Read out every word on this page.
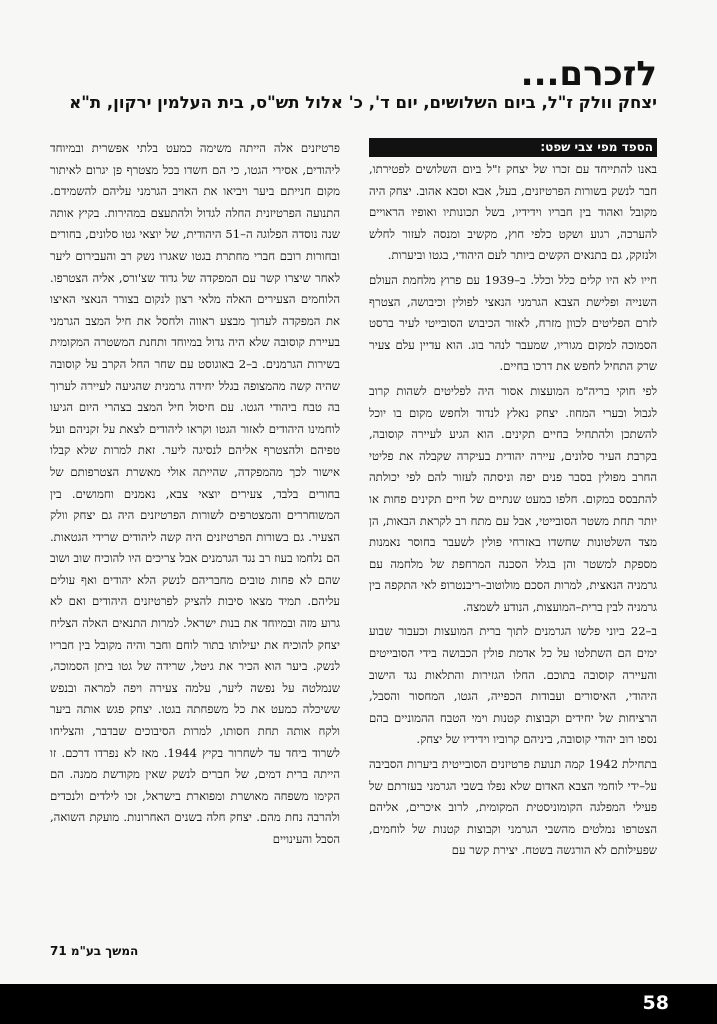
לזכרם...
יצחק וולק ז"ל, ביום השלושים, יום ד', כ' אלול תש"ס, בית העלמין ירקון, ת"א
הספד מפי צבי שפט:

באנו להתייחד עם זכרו של יצחק ז"ל ביום השלושים לפטירתו, חבר לנשק בשורות הפרטיזנים, בעל, אבא וסבא אהוב. יצחק היה מקובל ואהוד בין חבריו וידידיו, בשל תכונותיו ואופיו הראויים להערכה, רגוע ושקט כלפי חוץ, מקשיב ומנסה לעזור לחלש ולנזקק, גם בתנאים הקשים ביותר לעם היהודי, בגטו וביערות.

חייו לא היו קלים כלל וכלל. ב–1939 עם פרוץ מלחמת העולם השנייה ופלישת הצבא הגרמני הנאצי לפולין וכיבושה, הצטרף לזרם הפליטים לכוון מזרח, לאזור הכיבוש הסובייטי לעיר ברסט הסמוכה למקום מגוריו, שמעבר לנהר בוג. הוא עדיין עלם צעיר שרק התחיל לחפש את דרכו בחיים.

לפי חוקי בריה"מ המועצות אסור היה לפליטים לשהות קרוב לגבול ובערי המחוז. יצחק נאלץ לנדוד ולחפש מקום בו יוכל להשתכן ולהתחיל בחיים תקינים. הוא הגיע לעיירה קוסובה, בקרבת העיר סלונים, עיירה יהודית בעיקרה שקבלה את פליטי החרב מפולין בסבר פנים יפה וניסתה לעזור להם לפי יכולתה להתבסס במקום. חלפו כמעט שנתיים של חיים תקינים פחות או יותר תחת משטר הסובייטי, אבל עם מתח רב לקראת הבאות, הן מצד השלטונות שחשדו באזרחי פולין לשעבר בחוסר נאמנות מספקת למשטר והן בגלל הסכנה המרחפת של מלחמה עם גרמניה הנאצית, למרות הסכם מולוטוב–ריבנטרופ לאי התקפה בין גרמניה לבין ברית–המועצות, הנודע לשמצה.

ב–22 ביוני פלשו הגרמנים לתוך ברית המועצות וכעבור שבוע ימים הם השתלטו על כל אדמת פולין הכבושה בידי הסובייטים והעיירה קוסובה בתוכם. החלו הגזירות והתלאות נגד הישוב היהודי, האיסורים ועבודות הכפייה, הגטו, המחסור והסבל, הרציחות של יחידים וקבוצות קטנות וימי הטבח ההמוניים בהם נספו רוב יהודי קוסובה, ביניהם קרוביו וידידיו של יצחק.

בתחילת 1942 קמה תנועת פרטיזנים הסובייטית ביערות הסביבה על–ידי לוחמי הצבא האדום שלא נפלו בשבי הגרמני בעזרתם של פעילי המפלגה הקומוניסטית המקומית, לרוב איכרים, אליהם הצטרפו נמלטים מהשבי הגרמני וקבוצות קטנות של לוחמים, שפעילותם לא הורגשה בשטח. יצירת קשר עם

פרטיזנים אלה הייתה משימה כמעט בלתי אפשרית ובמיוחד ליהודים, אסירי הגטו, כי הם חשדו בכל מצטרף פן יגרום לאיתור מקום חנייתם ביער ויביאו את האויב הגרמני עליהם להשמידם. התנועה הפרטיזנית החלה לגדול ולהתעצם במהירות. בקיץ אותה שנה נוסדה הפלוגה ה–51 היהודית, של יוצאי גטו סלונים, בחורים ובחורות רובם חברי מחתרת בגטו שאגרו נשק רב והעבירום ליער לאחר שיצרו קשר עם המפקדה של גדוד שצ'ורס, אליה הצטרפו. הלוחמים הצעירים האלה מלאי רצון לנקום בצורר הנאצי האיצו את המפקדה לערוך מבצע ראווה ולחסל את חיל המצב הגרמני בעיירת קוסובה שלא היה גדול במיוחד ותחנת המשטרה המקומית בשירות הגרמנים. ב–2 באוגוסט עם שחר החל הקרב על קוסובה שהיה קשה מהמצופה בגלל יחידה גרמנית שהגיעה לעיירה לערוך בה טבח ביהודי הגטו. עם חיסול חיל המצב בצהרי היום הגיעו לוחמינו היהודים לאזור הגטו וקראו ליהודים לצאת על זקניהם ועל טפיהם ולהצטרף אליהם לנסיגה ליער. זאת למרות שלא קבלו אישור לכך מהמפקדה, שהייתה אולי מאשרת הצטרפותם של בחורים בלבד, צעירים יוצאי צבא, נאמנים וחמושים. בין המשוחררים והמצטרפים לשורות הפרטיזנים היה גם יצחק וולק הצעיר. גם בשורות הפרטיזנים היה קשה ליהודים שרידי הגטאות. הם נלחמו בעוז רב נגד הגרמנים אבל צריכים היו להוכיח שוב ושוב שהם לא פחות טובים מחבריהם לנשק הלא יהודים ואף עולים עליהם. תמיד מצאו סיבות להציק לפרטיזנים היהודים ואם לא גרוע מזה ובמיוחד את בנות ישראל. למרות התנאים האלה הצליח יצחק להוכיח את יעילותו בתור לוחם וחבר והיה מקובל בין חבריו לנשק. ביער הוא הכיר את גיטל, שרידה של גטו ביתן הסמוכה, שנמלטה על נפשה ליער, עלמה צעירה ויפה למראה ובנפש ששיכלה כמעט את כל משפחתה בגטו. יצחק פגש אותה ביער ולקח אותה תחת חסותו, למרות הסיבוכים שבדבר, והצליחו לשרוד ביחד עד לשחרור בקיץ 1944. מאז לא נפרדו דרכם. זו הייתה ברית דמים, של חברים לנשק שאין מקודשת ממנה. הם הקימו משפחה מאושרת ומפוארת בישראל, זכו לילדים ולנכדים ולהרבה נחת מהם. יצחק חלה בשנים האחרונות. מועקת השואה, הסבל והעינויים

המשך בע"מ 71
58
